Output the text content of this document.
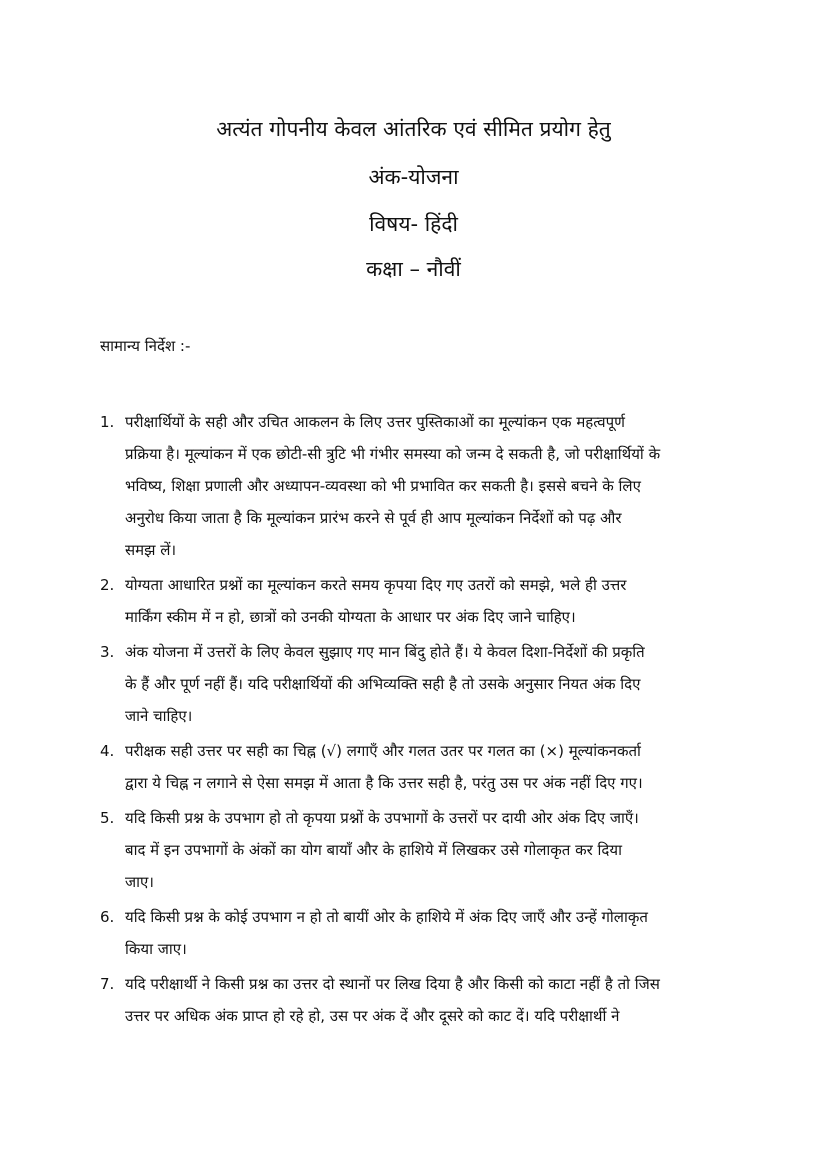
अत्यंत गोपनीय केवल आंतरिक एवं सीमित प्रयोग हेतु
अंक-योजना
विषय- हिंदी
कक्षा – नौवीं
सामान्य निर्देश :-
1. परीक्षार्थियों के सही और उचित आकलन के लिए उत्तर पुस्तिकाओं का मूल्यांकन एक महत्वपूर्ण
प्रक्रिया है। मूल्यांकन में एक छोटी-सी त्रुटि भी गंभीर समस्या को जन्म दे सकती है, जो परीक्षार्थियों के
भविष्य, शिक्षा प्रणाली और अध्यापन-व्यवस्था को भी प्रभावित कर सकती है। इससे बचने के लिए
अनुरोध किया जाता है कि मूल्यांकन प्रारंभ करने से पूर्व ही आप मूल्यांकन निर्देशों को पढ़ और
समझ लें।
2. योग्यता आधारित प्रश्नों का मूल्यांकन करते समय कृपया दिए गए उतरों को समझे, भले ही उत्तर
मार्किंग स्कीम में न हो, छात्रों को उनकी योग्यता के आधार पर अंक दिए जाने चाहिए।
3. अंक योजना में उत्तरों के लिए केवल सुझाए गए मान बिंदु होते हैं। ये केवल दिशा-निर्देशों की प्रकृति
के हैं और पूर्ण नहीं हैं। यदि परीक्षार्थियों की अभिव्यक्ति सही है तो उसके अनुसार नियत अंक दिए
जाने चाहिए।
4. परीक्षक सही उत्तर पर सही का चिह्न (√) लगाएँ और गलत उतर पर गलत का (×) मूल्यांकनकर्ता
द्वारा ये चिह्न न लगाने से ऐसा समझ में आता है कि उत्तर सही है, परंतु उस पर अंक नहीं दिए गए।
5. यदि किसी प्रश्न के उपभाग हो तो कृपया प्रश्नों के उपभागों के उत्तरों पर दायी ओर अंक दिए जाएँ।
बाद में इन उपभागों के अंकों का योग बायाँ और के हाशिये में लिखकर उसे गोलाकृत कर दिया
जाए।
6. यदि किसी प्रश्न के कोई उपभाग न हो तो बायीं ओर के हाशिये में अंक दिए जाएँ और उन्हें गोलाकृत
किया जाए।
7. यदि परीक्षार्थी ने किसी प्रश्न का उत्तर दो स्थानों पर लिख दिया है और किसी को काटा नहीं है तो जिस
उत्तर पर अधिक अंक प्राप्त हो रहे हो, उस पर अंक दें और दूसरे को काट दें। यदि परीक्षार्थी ने
